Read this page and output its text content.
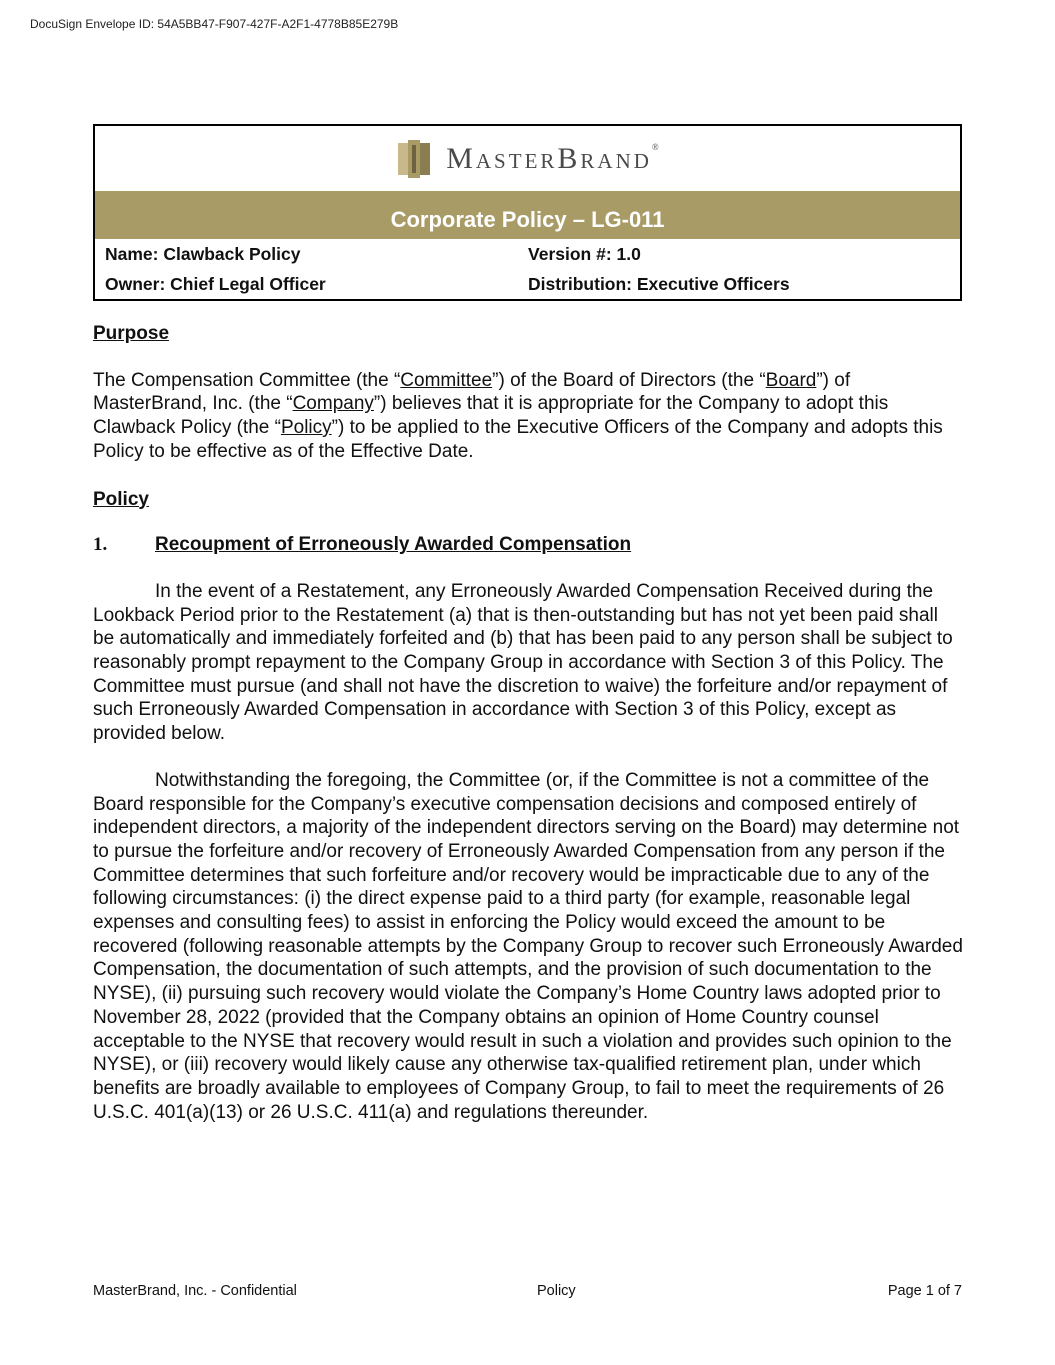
DocuSign Envelope ID: 54A5BB47-F907-427F-A2F1-4778B85E279B
MasterBrand®
Corporate Policy – LG-011
Name: Clawback Policy	Version #: 1.0
Owner: Chief Legal Officer	Distribution: Executive Officers

Purpose

The Compensation Committee (the “Committee”) of the Board of Directors (the “Board”) of MasterBrand, Inc. (the “Company”) believes that it is appropriate for the Company to adopt this Clawback Policy (the “Policy”) to be applied to the Executive Officers of the Company and adopts this Policy to be effective as of the Effective Date.

Policy

1.	Recoupment of Erroneously Awarded Compensation

In the event of a Restatement, any Erroneously Awarded Compensation Received during the Lookback Period prior to the Restatement (a) that is then-outstanding but has not yet been paid shall be automatically and immediately forfeited and (b) that has been paid to any person shall be subject to reasonably prompt repayment to the Company Group in accordance with Section 3 of this Policy. The Committee must pursue (and shall not have the discretion to waive) the forfeiture and/or repayment of such Erroneously Awarded Compensation in accordance with Section 3 of this Policy, except as provided below.

Notwithstanding the foregoing, the Committee (or, if the Committee is not a committee of the Board responsible for the Company’s executive compensation decisions and composed entirely of independent directors, a majority of the independent directors serving on the Board) may determine not to pursue the forfeiture and/or recovery of Erroneously Awarded Compensation from any person if the Committee determines that such forfeiture and/or recovery would be impracticable due to any of the following circumstances: (i) the direct expense paid to a third party (for example, reasonable legal expenses and consulting fees) to assist in enforcing the Policy would exceed the amount to be recovered (following reasonable attempts by the Company Group to recover such Erroneously Awarded Compensation, the documentation of such attempts, and the provision of such documentation to the NYSE), (ii) pursuing such recovery would violate the Company’s Home Country laws adopted prior to November 28, 2022 (provided that the Company obtains an opinion of Home Country counsel acceptable to the NYSE that recovery would result in such a violation and provides such opinion to the NYSE), or (iii) recovery would likely cause any otherwise tax-qualified retirement plan, under which benefits are broadly available to employees of Company Group, to fail to meet the requirements of 26 U.S.C. 401(a)(13) or 26 U.S.C. 411(a) and regulations thereunder.

MasterBrand, Inc. - Confidential	Policy	Page 1 of 7
